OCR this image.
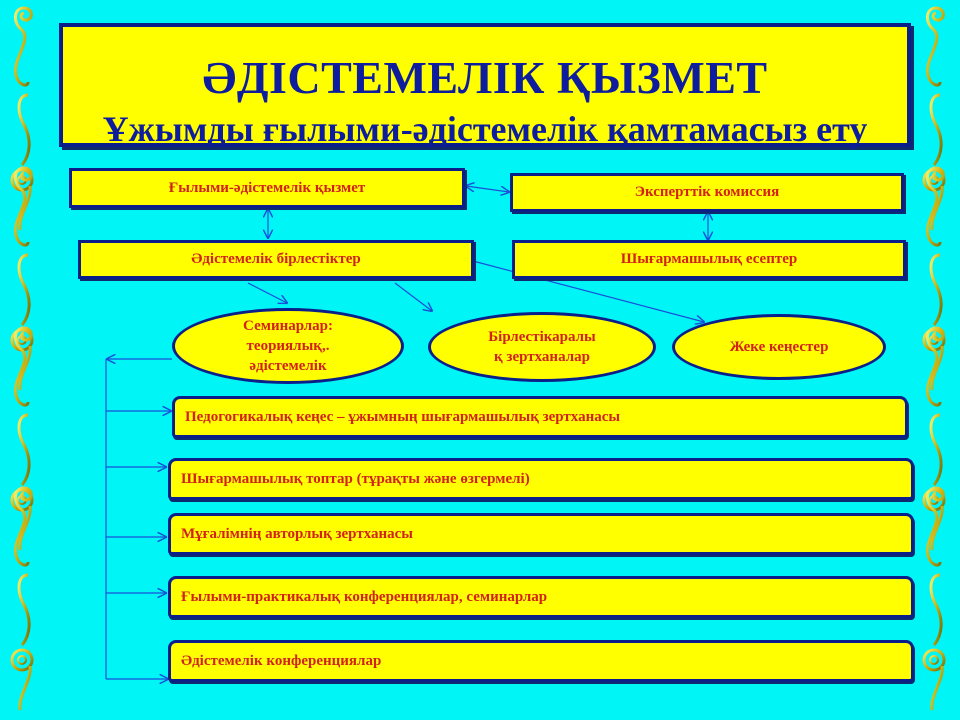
ӘДІСТЕМЕЛІК ҚЫЗМЕТ
Ұжымды ғылыми-әдістемелік қамтамасыз ету
Ғылыми-әдістемелік қызмет	Эксперттік комиссия
Әдістемелік бірлестіктер	Шығармашылық есептер
Семинарлар:
теориялық,.
әдістемелік
Бірлестікаралы
қ зертханалар
Жеке кеңестер
Педогогикалық кеңес – ұжымның шығармашылық зертханасы
Шығармашылық топтар (тұрақты және өзгермелі)
Мұғалімнің авторлық зертханасы
Ғылыми-практикалық конференциялар, семинарлар
Әдістемелік конференциялар
